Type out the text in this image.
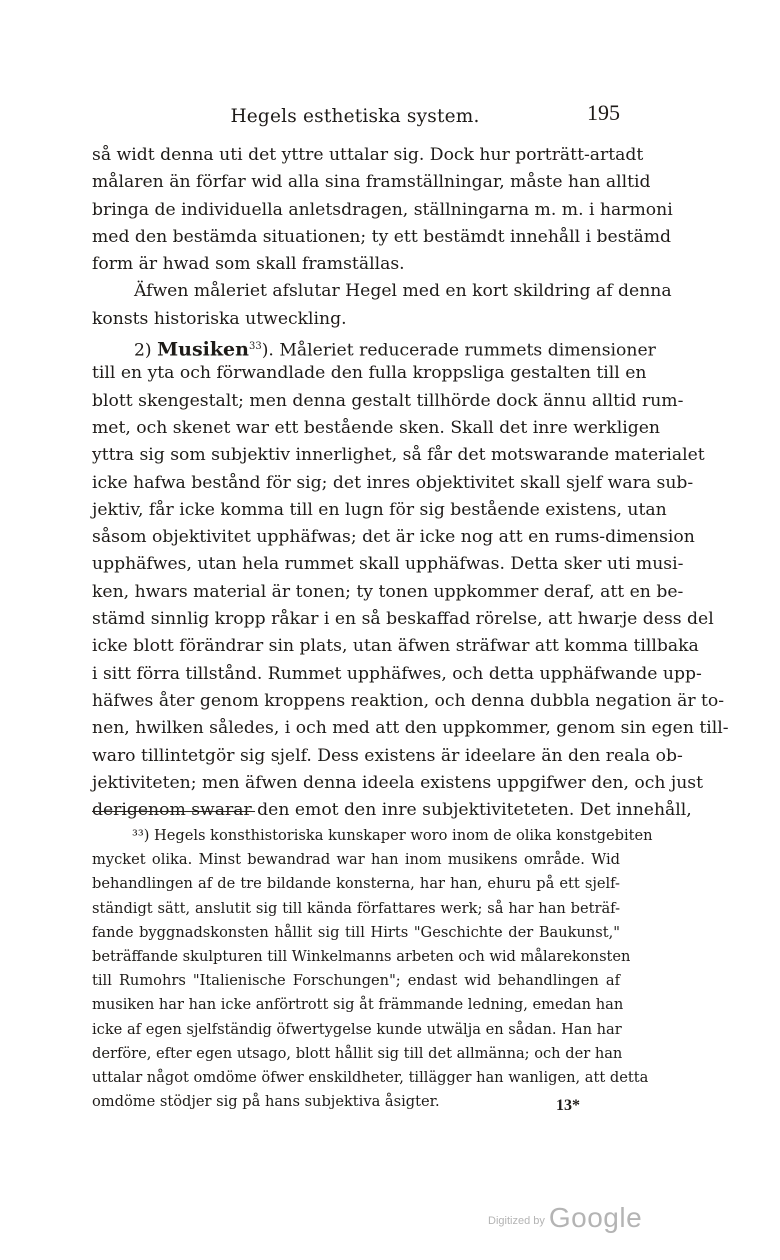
Hegels esthetiska system.	195
så widt denna uti det yttre uttalar sig. Dock hur porträtt-artadt
målaren än förfar wid alla sina framställningar, måste han alltid
bringa de individuella anletsdragen, ställningarna m. m. i harmoni
med den bestämda situationen; ty ett bestämdt innehåll i bestämd
form är hwad som skall framställas.
Äfwen måleriet afslutar Hegel med en kort skildring af denna
konsts historiska utweckling.
2) Musiken$^{33}$). Måleriet reducerade rummets dimensioner
till en yta och förwandlade den fulla kroppsliga gestalten till en
blott skengestalt; men denna gestalt tillhörde dock ännu alltid rum-
met, och skenet war ett bestående sken. Skall det inre werkligen
yttra sig som subjektiv innerlighet, så får det motswarande materialet
icke hafwa bestånd för sig; det inres objektivitet skall sjelf wara sub-
jektiv, får icke komma till en lugn för sig bestående existens, utan
såsom objektivitet upphäfwas; det är icke nog att en rums-dimension
upphäfwes, utan hela rummet skall upphäfwas. Detta sker uti musi-
ken, hwars material är tonen; ty tonen uppkommer deraf, att en be-
stämd sinnlig kropp råkar i en så beskaffad rörelse, att hwarje dess del
icke blott förändrar sin plats, utan äfwen sträfwar att komma tillbaka
i sitt förra tillstånd. Rummet upphäfwes, och detta upphäfwande upp-
häfwes åter genom kroppens reaktion, och denna dubbla negation är to-
nen, hwilken således, i och med att den uppkommer, genom sin egen till-
waro tillintetgör sig sjelf. Dess existens är ideelare än den reala ob-
jektiviteten; men äfwen denna ideela existens uppgifwer den, och just
derigenom swarar den emot den inre subjektiviteteten. Det innehåll,
³³) Hegels konsthistoriska kunskaper woro inom de olika konstgebiten
mycket olika. Minst bewandrad war han inom musikens område. Wid
behandlingen af de tre bildande konsterna, har han, ehuru på ett sjelf-
ständigt sätt, anslutit sig till kända författares werk; så har han beträf-
fande byggnadskonsten hållit sig till Hirts "Geschichte der Baukunst,"
beträffande skulpturen till Winkelmanns arbeten och wid målarekonsten
till Rumohrs "Italienische Forschungen"; endast wid behandlingen af
musiken har han icke anförtrott sig åt främmande ledning, emedan han
icke af egen sjelfständig öfwertygelse kunde utwälja en sådan. Han har
derföre, efter egen utsago, blott hållit sig till det allmänna; och der han
uttalar något omdöme öfwer enskildheter, tillägger han wanligen, att detta
omdöme stödjer sig på hans subjektiva åsigter.	13*
Digitized by Google
